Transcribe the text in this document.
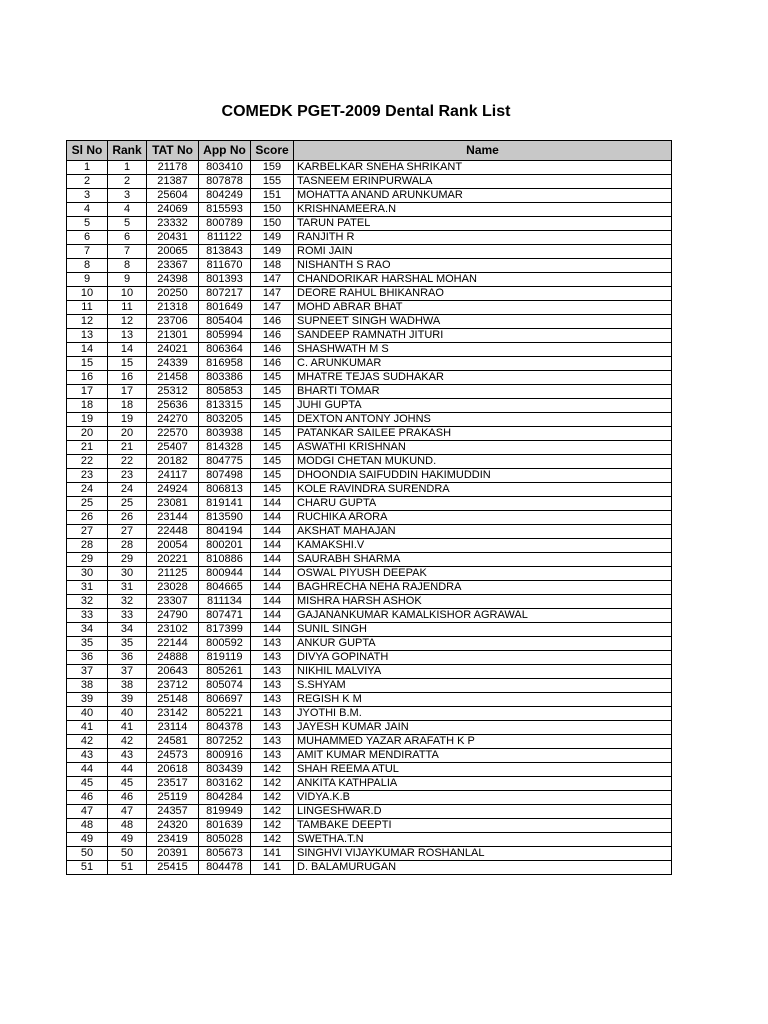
COMEDK PGET-2009 Dental Rank List
Sl No	Rank	TAT No	App No	Score	Name
1	1	21178	803410	159	KARBELKAR SNEHA SHRIKANT
2	2	21387	807878	155	TASNEEM ERINPURWALA
3	3	25604	804249	151	MOHATTA ANAND ARUNKUMAR
4	4	24069	815593	150	KRISHNAMEERA.N
5	5	23332	800789	150	TARUN PATEL
6	6	20431	811122	149	RANJITH R
7	7	20065	813843	149	ROMI JAIN
8	8	23367	811670	148	NISHANTH S RAO
9	9	24398	801393	147	CHANDORIKAR HARSHAL MOHAN
10	10	20250	807217	147	DEORE RAHUL BHIKANRAO
11	11	21318	801649	147	MOHD ABRAR BHAT
12	12	23706	805404	146	SUPNEET SINGH WADHWA
13	13	21301	805994	146	SANDEEP RAMNATH JITURI
14	14	24021	806364	146	SHASHWATH M S
15	15	24339	816958	146	C. ARUNKUMAR
16	16	21458	803386	145	MHATRE TEJAS SUDHAKAR
17	17	25312	805853	145	BHARTI TOMAR
18	18	25636	813315	145	JUHI GUPTA
19	19	24270	803205	145	DEXTON ANTONY JOHNS
20	20	22570	803938	145	PATANKAR SAILEE PRAKASH
21	21	25407	814328	145	ASWATHI KRISHNAN
22	22	20182	804775	145	MODGI CHETAN MUKUND.
23	23	24117	807498	145	DHOONDIA SAIFUDDIN HAKIMUDDIN
24	24	24924	806813	145	KOLE RAVINDRA SURENDRA
25	25	23081	819141	144	CHARU GUPTA
26	26	23144	813590	144	RUCHIKA ARORA
27	27	22448	804194	144	AKSHAT MAHAJAN
28	28	20054	800201	144	KAMAKSHI.V
29	29	20221	810886	144	SAURABH SHARMA
30	30	21125	800944	144	OSWAL PIYUSH DEEPAK
31	31	23028	804665	144	BAGHRECHA NEHA RAJENDRA
32	32	23307	811134	144	MISHRA HARSH ASHOK
33	33	24790	807471	144	GAJANANKUMAR KAMALKISHOR AGRAWAL
34	34	23102	817399	144	SUNIL SINGH
35	35	22144	800592	143	ANKUR GUPTA
36	36	24888	819119	143	DIVYA GOPINATH
37	37	20643	805261	143	NIKHIL MALVIYA
38	38	23712	805074	143	S.SHYAM
39	39	25148	806697	143	REGISH K M
40	40	23142	805221	143	JYOTHI B.M.
41	41	23114	804378	143	JAYESH KUMAR JAIN
42	42	24581	807252	143	MUHAMMED YAZAR ARAFATH K P
43	43	24573	800916	143	AMIT KUMAR MENDIRATTA
44	44	20618	803439	142	SHAH REEMA ATUL
45	45	23517	803162	142	ANKITA KATHPALIA
46	46	25119	804284	142	VIDYA.K.B
47	47	24357	819949	142	LINGESHWAR.D
48	48	24320	801639	142	TAMBAKE DEEPTI
49	49	23419	805028	142	SWETHA.T.N
50	50	20391	805673	141	SINGHVI VIJAYKUMAR ROSHANLAL
51	51	25415	804478	141	D. BALAMURUGAN
